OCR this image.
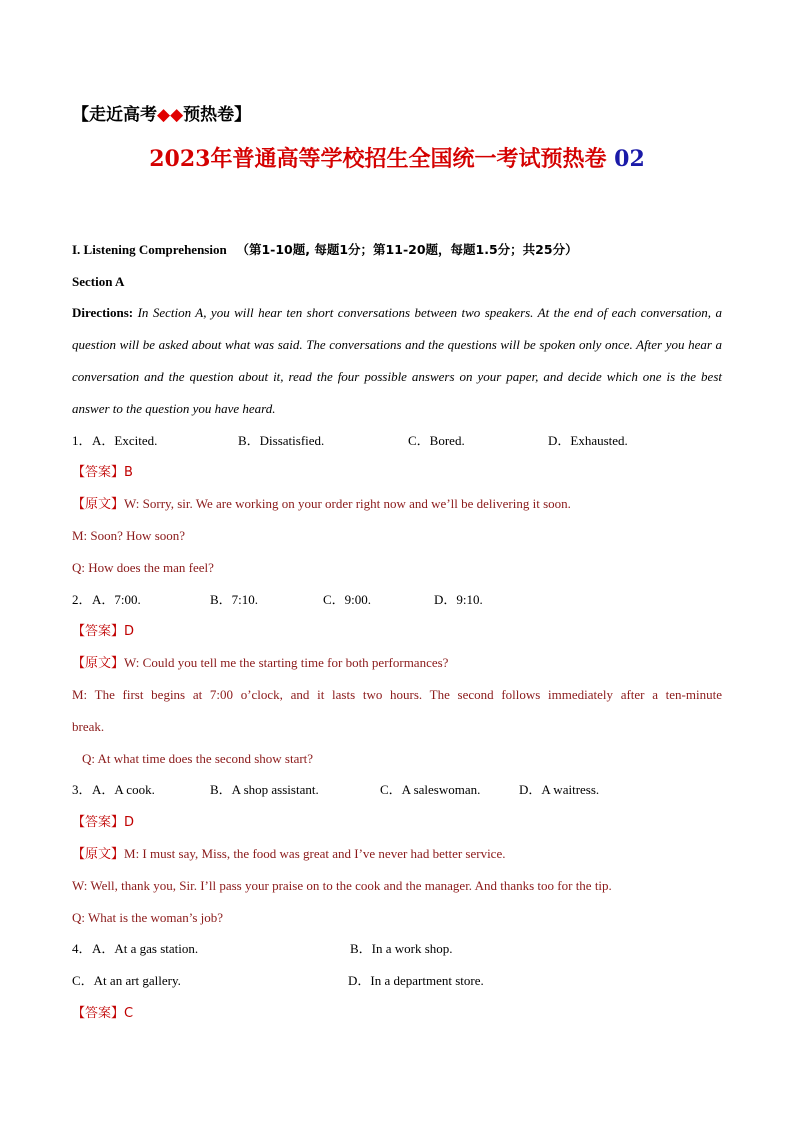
【走近高考◆◆预热卷】
2023年普通高等学校招生全国统一考试预热卷 02
I. Listening Comprehension （第1-10题, 每题1分；第11-20题，每题1.5分；共25分）
Section A
Directions: In Section A, you will hear ten short conversations between two speakers. At the end of each conversation, a question will be asked about what was said. The conversations and the questions will be spoken only once. After you hear a conversation and the question about it, read the four possible answers on your paper, and decide which one is the best answer to the question you have heard.
1． A．Excited.	B．Dissatisfied.	C．Bored.	D．Exhausted.
【答案】B
【原文】W: Sorry, sir. We are working on your order right now and we’ll be delivering it soon.
M: Soon? How soon?
Q: How does the man feel?
2． A．7:00.	B．7:10.	C．9:00.	D．9:10.
【答案】D
【原文】W: Could you tell me the starting time for both performances?
M: The first begins at 7:00 o’clock, and it lasts two hours. The second follows immediately after a ten-minute
break.
Q: At what time does the second show start?
3． A．A cook.	B．A shop assistant.	C．A saleswoman.	D．A waitress.
【答案】D
【原文】M: I must say, Miss, the food was great and I’ve never had better service.
W: Well, thank you, Sir. I’ll pass your praise on to the cook and the manager. And thanks too for the tip.
Q: What is the woman’s job?
4． A．At a gas station.	B．In a work shop.
C．At an art gallery.	D．In a department store.
【答案】C
